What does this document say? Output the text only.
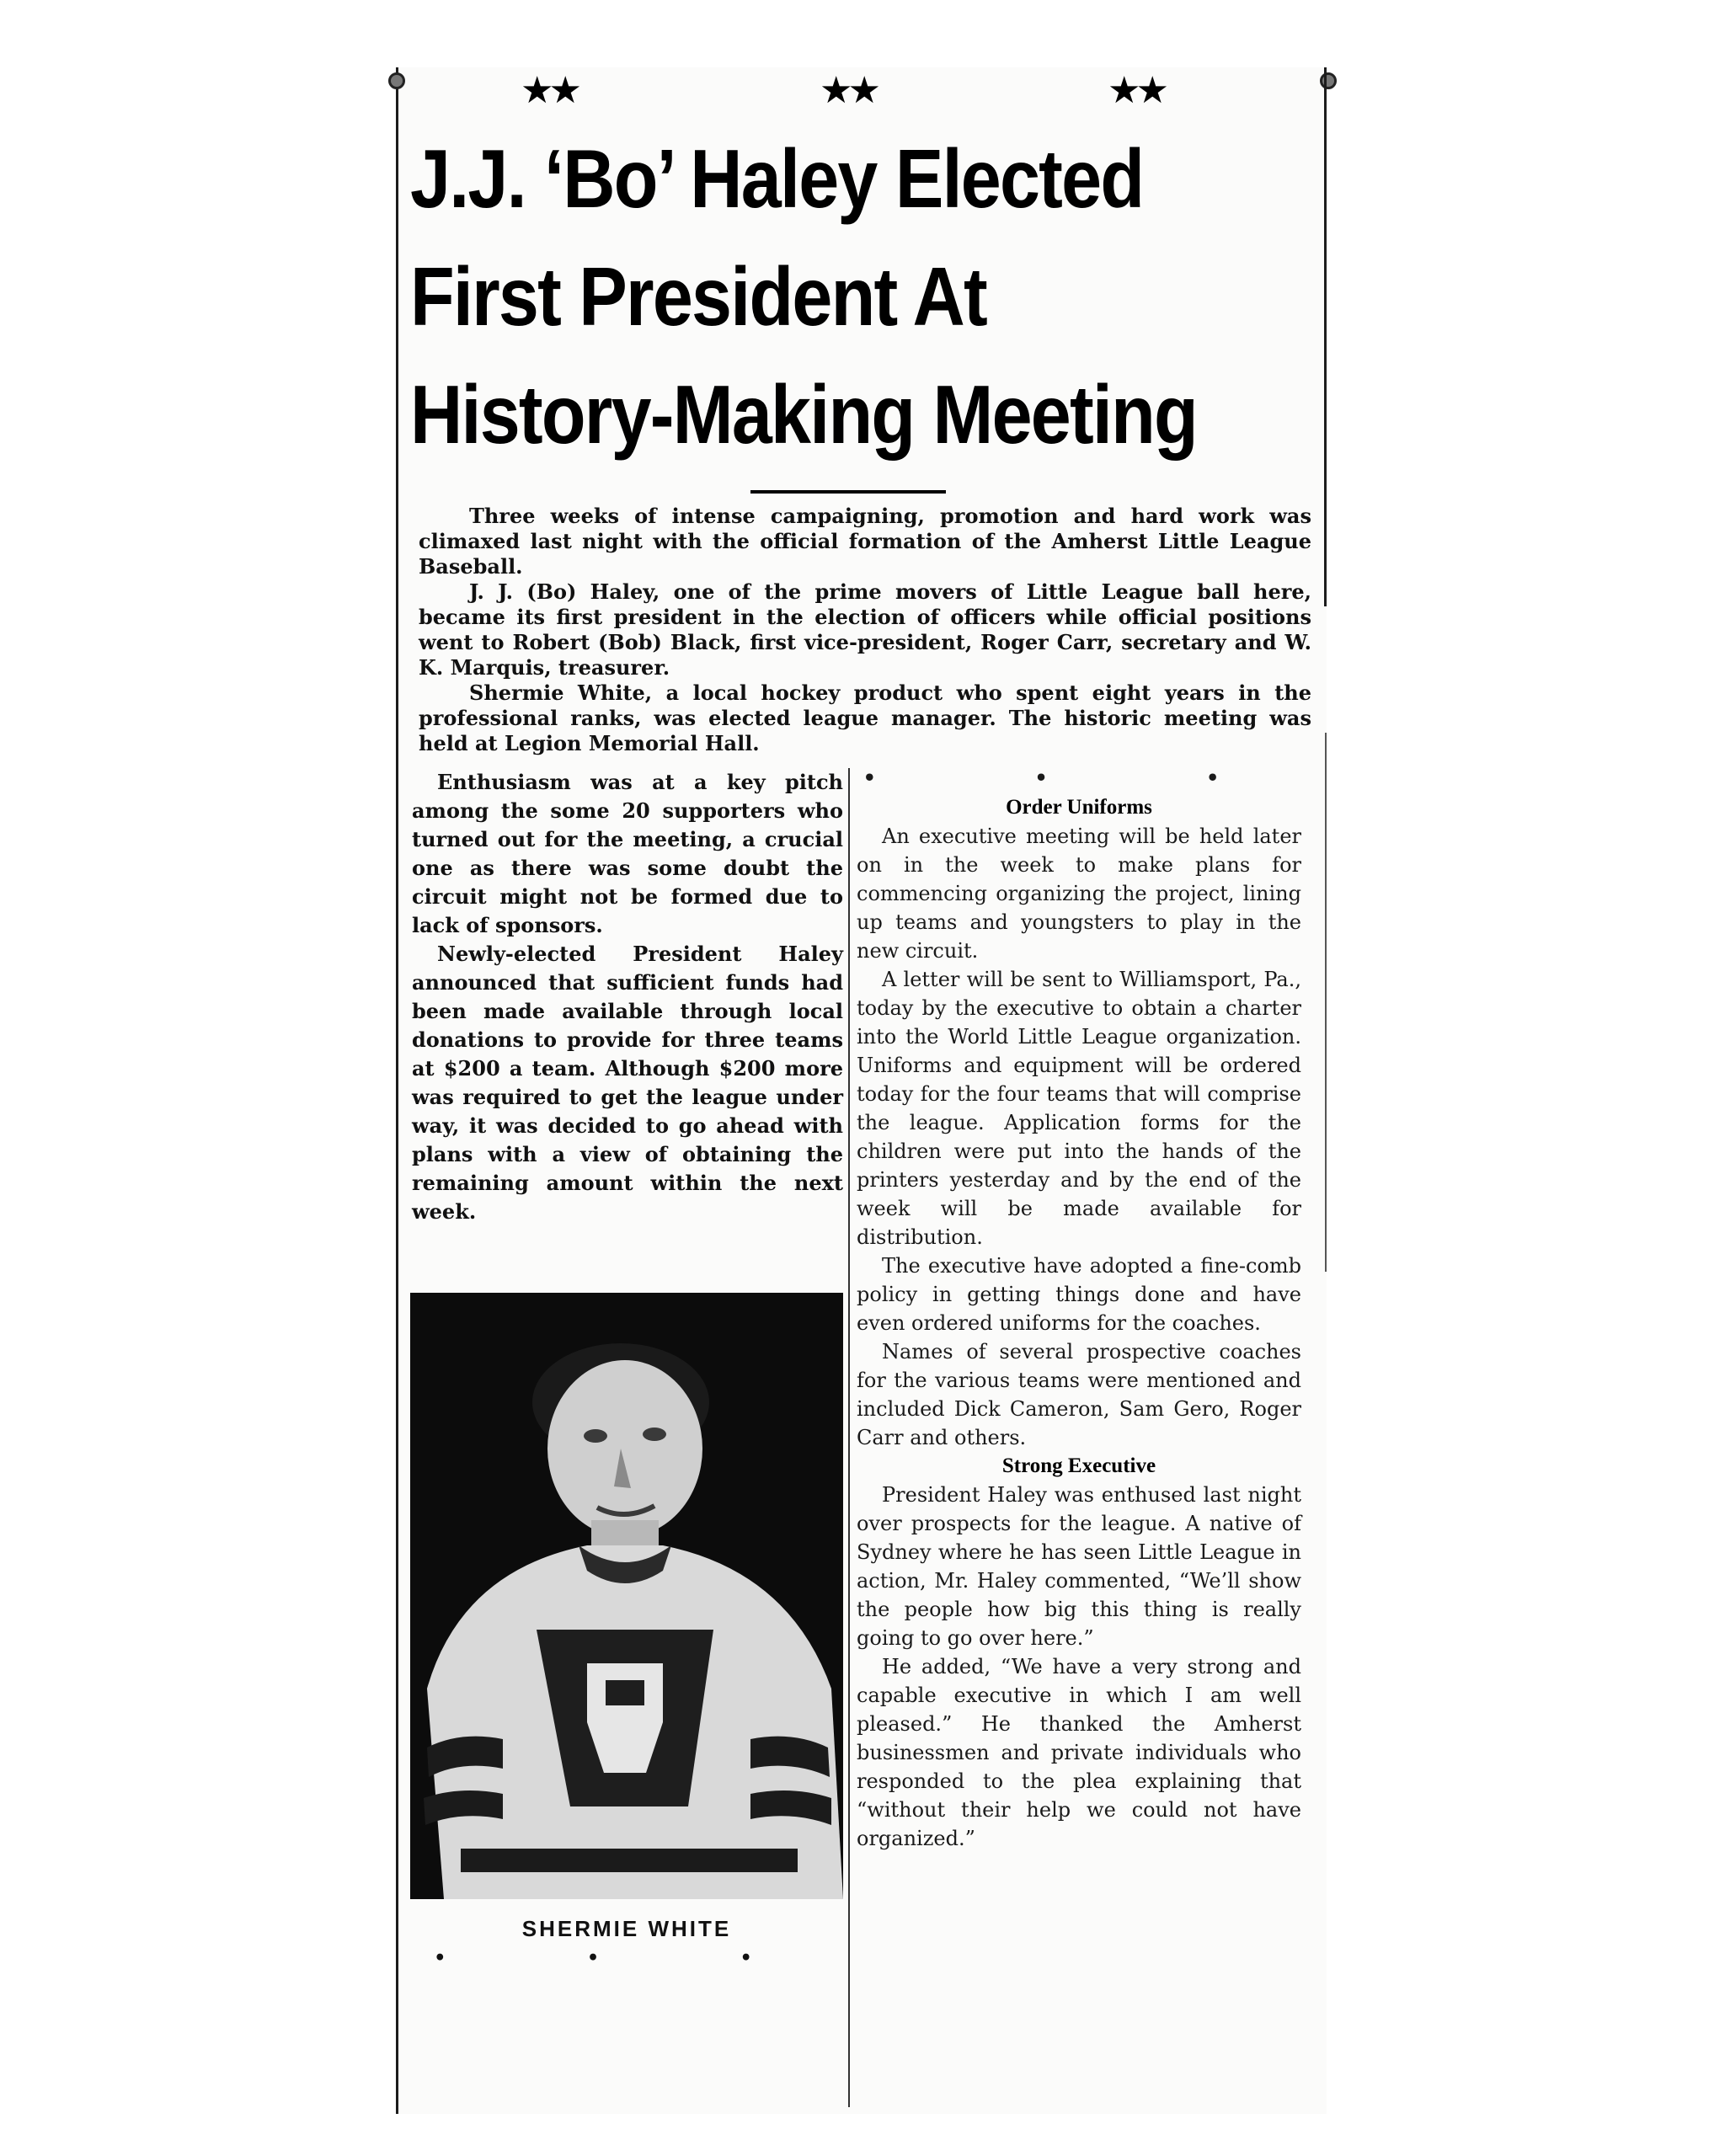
★★	★★	★★
J.J. ‘Bo’ Haley Elected
First President At
History-Making Meeting

Three weeks of intense campaigning, promotion and hard work was climaxed last night with the official formation of the Amherst Little League Baseball.

J. J. (Bo) Haley, one of the prime movers of Little League ball here, became its first president in the election of officers while official positions went to Robert (Bob) Black, first vice-president, Roger Carr, secretary and W. K. Marquis, treasurer.

Shermie White, a local hockey product who spent eight years in the professional ranks, was elected league manager. The historic meeting was held at Legion Memorial Hall.

Enthusiasm was at a key pitch among the some 20 supporters who turned out for the meeting, a crucial one as there was some doubt the circuit might not be formed due to lack of sponsors.

Newly-elected President Haley announced that sufficient funds had been made available through local donations to provide for three teams at $200 a team. Although $200 more was required to get the league under way, it was decided to go ahead with plans with a view of obtaining the remaining amount within the next week.

SHERMIE WHITE
• • •
• • •
Order Uniforms

An executive meeting will be held later on in the week to make plans for commencing organizing the project, lining up teams and youngsters to play in the new circuit.

A letter will be sent to Williamsport, Pa., today by the executive to obtain a charter into the World Little League organization. Uniforms and equipment will be ordered today for the four teams that will comprise the league. Application forms for the children were put into the hands of the printers yesterday and by the end of the week will be made available for distribution.

The executive have adopted a fine-comb policy in getting things done and have even ordered uniforms for the coaches.

Names of several prospective coaches for the various teams were mentioned and included Dick Cameron, Sam Gero, Roger Carr and others.

Strong Executive

President Haley was enthused last night over prospects for the league. A native of Sydney where he has seen Little League in action, Mr. Haley commented, “We’ll show the people how big this thing is really going to go over here.”

He added, “We have a very strong and capable executive in which I am well pleased.” He thanked the Amherst businessmen and private individuals who responded to the plea explaining that “without their help we could not have organized.”
